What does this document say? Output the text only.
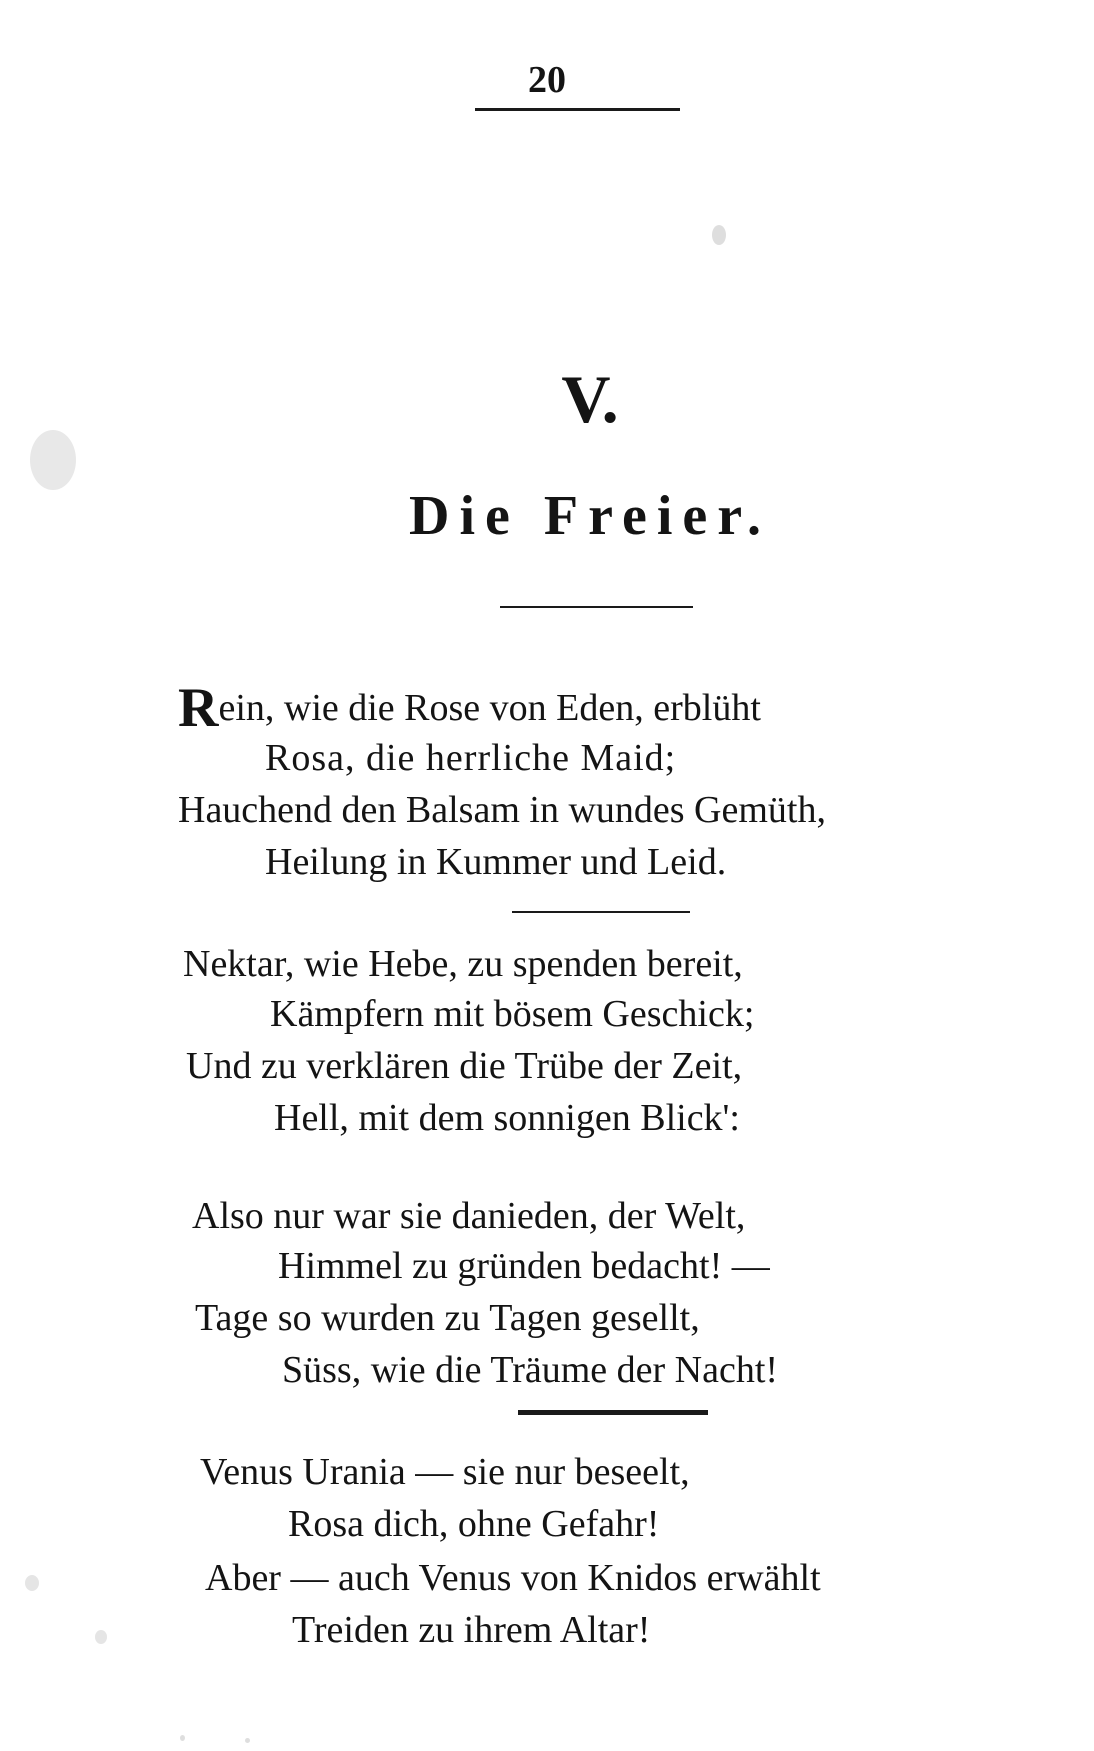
20
V.
Die Freier.
Rein, wie die Rose von Eden, erblüht
Rosa, die herrliche Maid;
Hauchend den Balsam in wundes Gemüth,
Heilung in Kummer und Leid.
Nektar, wie Hebe, zu spenden bereit,
Kämpfern mit bösem Geschick;
Und zu verklären die Trübe der Zeit,
Hell, mit dem sonnigen Blick':
Also nur war sie danieden, der Welt,
Himmel zu gründen bedacht! —
Tage so wurden zu Tagen gesellt,
Süss, wie die Träume der Nacht!
Venus Urania — sie nur beseelt,
Rosa dich, ohne Gefahr!
Aber — auch Venus von Knidos erwählt
Treiden zu ihrem Altar!
